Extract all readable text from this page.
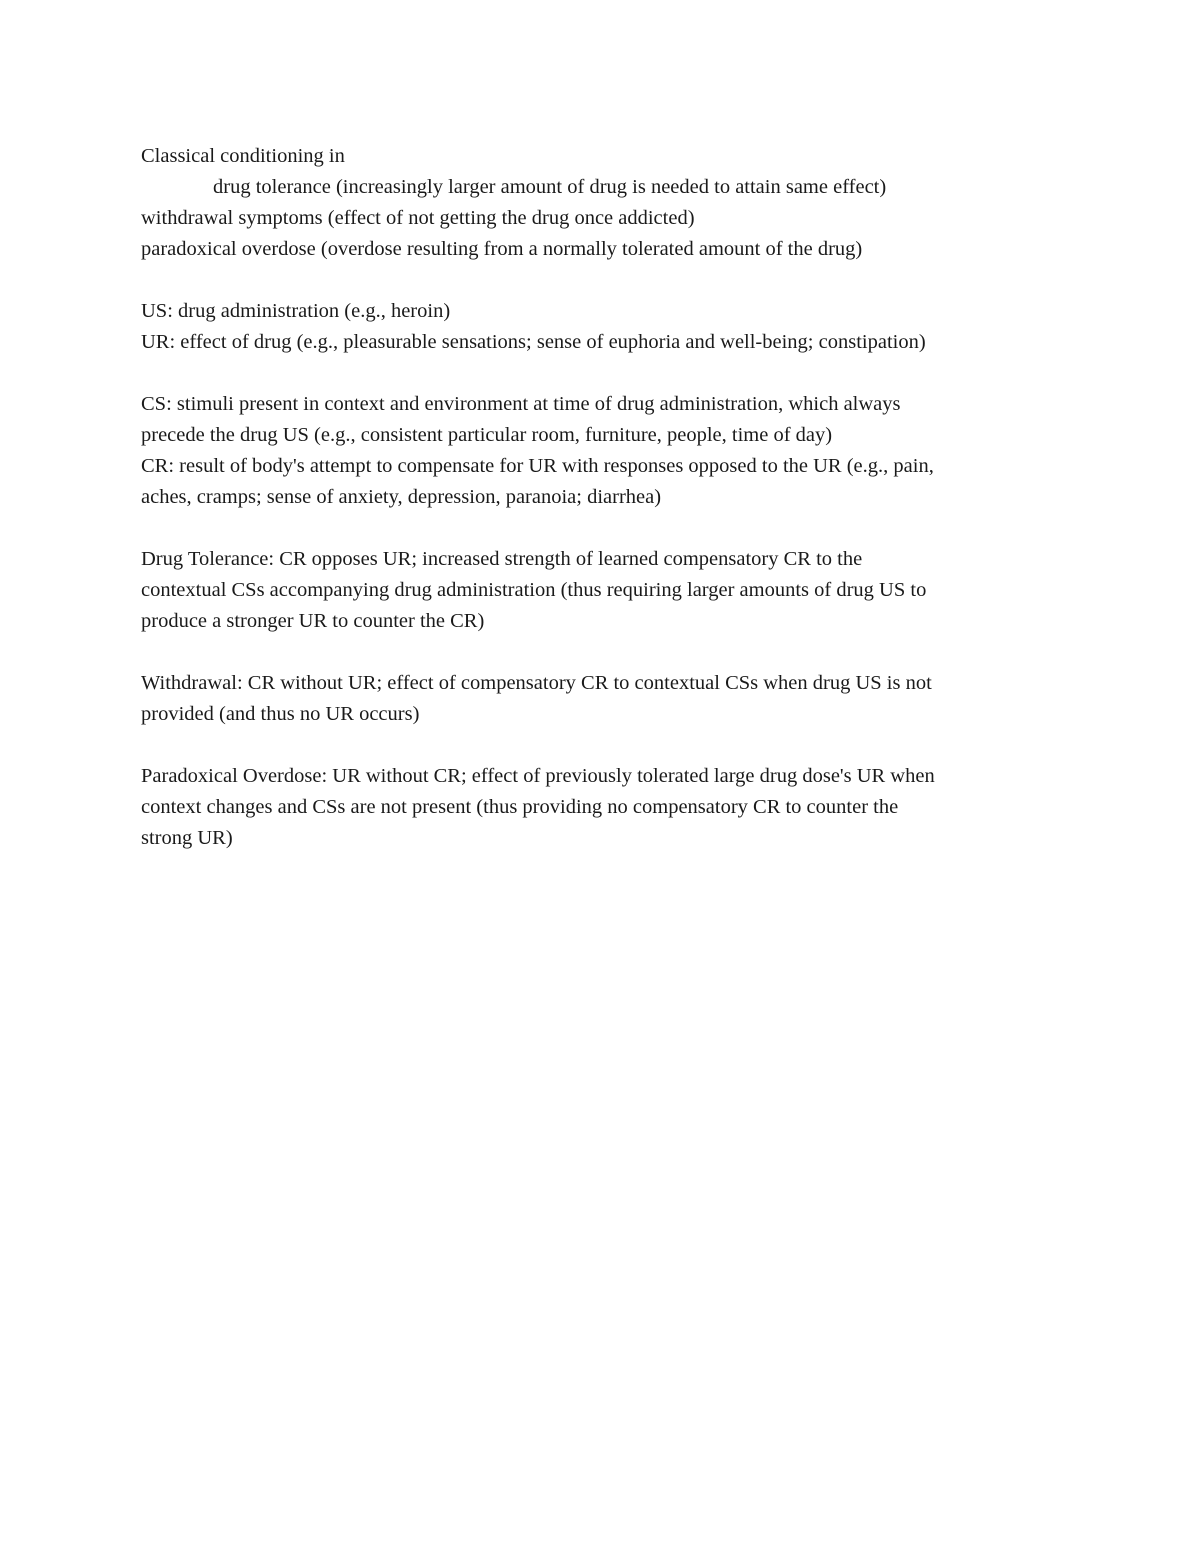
Classical conditioning in
drug tolerance (increasingly larger amount of drug is needed to attain same effect)
withdrawal symptoms (effect of not getting the drug once addicted)
paradoxical overdose (overdose resulting from a normally tolerated amount of the drug)
US: drug administration (e.g., heroin)
UR: effect of drug (e.g., pleasurable sensations; sense of euphoria and well-being; constipation)
CS: stimuli present in context and environment at time of drug administration, which always
precede the drug US (e.g., consistent particular room, furniture, people, time of day)
CR: result of body's attempt to compensate for UR with responses opposed to the UR (e.g., pain,
aches, cramps; sense of anxiety, depression, paranoia; diarrhea)
Drug Tolerance: CR opposes UR; increased strength of learned compensatory CR to the
contextual CSs accompanying drug administration (thus requiring larger amounts of drug US to
produce a stronger UR to counter the CR)
Withdrawal: CR without UR; effect of compensatory CR to contextual CSs when drug US is not
provided (and thus no UR occurs)
Paradoxical Overdose: UR without CR; effect of previously tolerated large drug dose's UR when
context changes and CSs are not present (thus providing no compensatory CR to counter the
strong UR)
